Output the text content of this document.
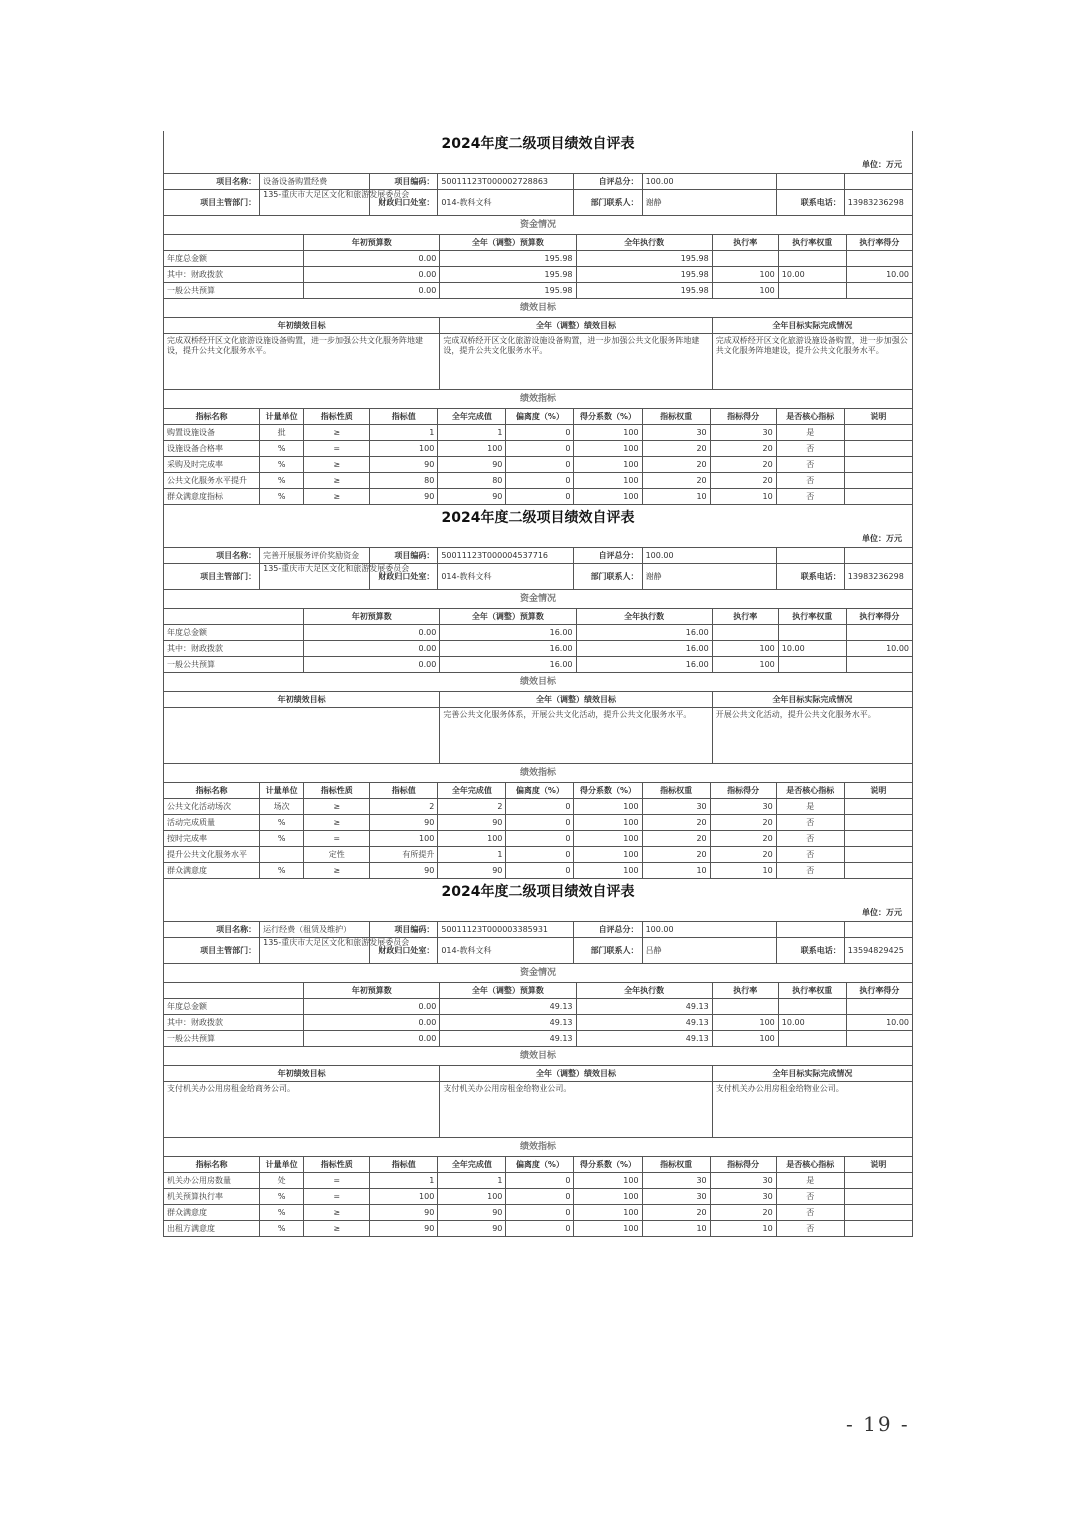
2024年度二级项目绩效自评表
单位：万元
项目名称：	设备设备购置经费	项目编码：	50011123T000002728863	自评总分：	100.00		
项目主管部门：	135-重庆市大足区文化和旅游发展委员会	财政归口处室：	014-教科文科	部门联系人：	谢静	联系电话：	13983236298
资金情况
	年初预算数	全年（调整）预算数	全年执行数	执行率	执行率权重	执行率得分
年度总金额	0.00	195.98	195.98			
其中：财政拨款	0.00	195.98	195.98	100	10.00	10.00
一般公共预算	0.00	195.98	195.98	100		
绩效目标
年初绩效目标	全年（调整）绩效目标	全年目标实际完成情况
完成双桥经开区文化旅游设施设备购置，进一步加强公共文化服务阵地建设，提升公共文化服务水平。	完成双桥经开区文化旅游设施设备购置，进一步加强公共文化服务阵地建设，提升公共文化服务水平。	完成双桥经开区文化旅游设施设备购置，进一步加强公共文化服务阵地建设，提升公共文化服务水平。
绩效指标
指标名称	计量单位	指标性质	指标值	全年完成值	偏离度（%）	得分系数（%）	指标权重	指标得分	是否核心指标	说明
购置设施设备	批	≥	1	1	0	100	30	30	是	
设施设备合格率	%	=	100	100	0	100	20	20	否	
采购及时完成率	%	≥	90	90	0	100	20	20	否	
公共文化服务水平提升	%	≥	80	80	0	100	20	20	否	
群众满意度指标	%	≥	90	90	0	100	10	10	否	
2024年度二级项目绩效自评表
单位：万元
项目名称：	完善开展服务评价奖励资金	项目编码：	50011123T000004537716	自评总分：	100.00		
项目主管部门：	135-重庆市大足区文化和旅游发展委员会	财政归口处室：	014-教科文科	部门联系人：	谢静	联系电话：	13983236298
资金情况
	年初预算数	全年（调整）预算数	全年执行数	执行率	执行率权重	执行率得分
年度总金额	0.00	16.00	16.00			
其中：财政拨款	0.00	16.00	16.00	100	10.00	10.00
一般公共预算	0.00	16.00	16.00	100		
绩效目标
年初绩效目标	全年（调整）绩效目标	全年目标实际完成情况
	完善公共文化服务体系，开展公共文化活动，提升公共文化服务水平。	开展公共文化活动，提升公共文化服务水平。
绩效指标
指标名称	计量单位	指标性质	指标值	全年完成值	偏离度（%）	得分系数（%）	指标权重	指标得分	是否核心指标	说明
公共文化活动场次	场次	≥	2	2	0	100	30	30	是	
活动完成质量	%	≥	90	90	0	100	20	20	否	
按时完成率	%	=	100	100	0	100	20	20	否	
提升公共文化服务水平		定性	有所提升	1	0	100	20	20	否	
群众满意度	%	≥	90	90	0	100	10	10	否	
2024年度二级项目绩效自评表
单位：万元
项目名称：	运行经费（租赁及维护）	项目编码：	50011123T000003385931	自评总分：	100.00		
项目主管部门：	135-重庆市大足区文化和旅游发展委员会	财政归口处室：	014-教科文科	部门联系人：	吕静	联系电话：	13594829425
资金情况
	年初预算数	全年（调整）预算数	全年执行数	执行率	执行率权重	执行率得分
年度总金额	0.00	49.13	49.13			
其中：财政拨款	0.00	49.13	49.13	100	10.00	10.00
一般公共预算	0.00	49.13	49.13	100		
绩效目标
年初绩效目标	全年（调整）绩效目标	全年目标实际完成情况
支付机关办公用房租金给商务公司。	支付机关办公用房租金给物业公司。	支付机关办公用房租金给物业公司。
绩效指标
指标名称	计量单位	指标性质	指标值	全年完成值	偏离度（%）	得分系数（%）	指标权重	指标得分	是否核心指标	说明
机关办公用房数量	处	=	1	1	0	100	30	30	是	
机关预算执行率	%	=	100	100	0	100	30	30	否	
群众满意度	%	≥	90	90	0	100	20	20	否	
出租方满意度	%	≥	90	90	0	100	10	10	否	
- 19 -
